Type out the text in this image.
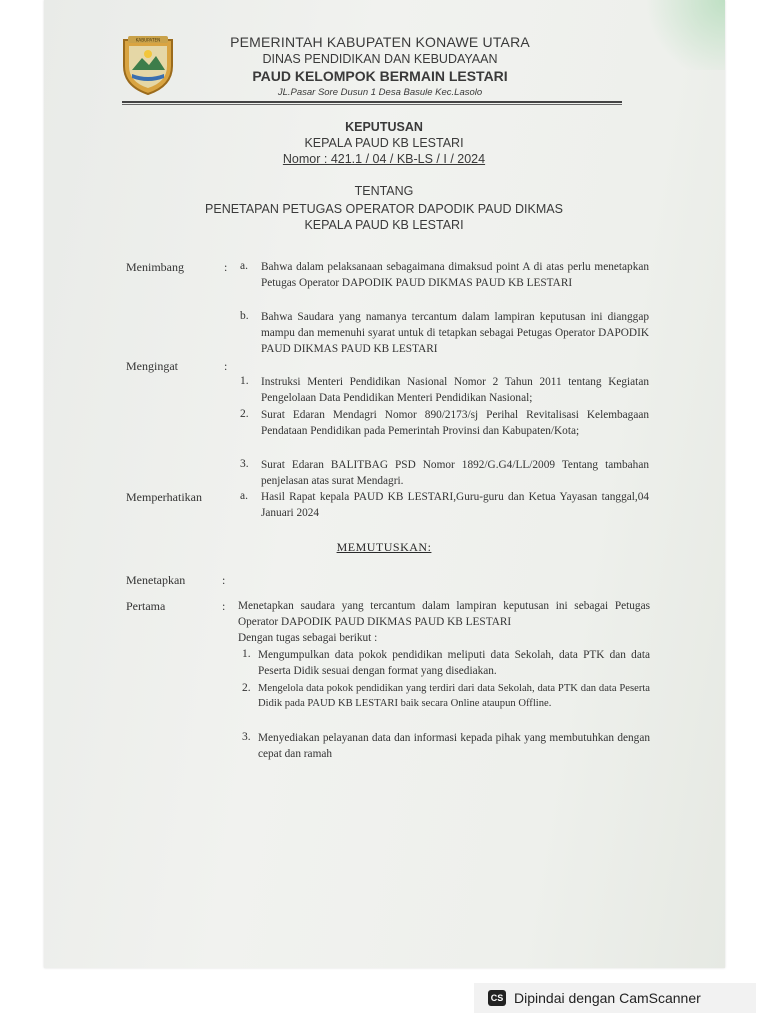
KABUPATEN	PEMERINTAH KABUPATEN KONAWE UTARA
DINAS PENDIDIKAN DAN KEBUDAYAAN
PAUD KELOMPOK BERMAIN LESTARI
JL.Pasar Sore Dusun 1 Desa Basule Kec.Lasolo
KEPUTUSAN
KEPALA PAUD KB LESTARI
Nomor : 421.1 / 04 / KB-LS / I / 2024
TENTANG
PENETAPAN PETUGAS OPERATOR DAPODIK PAUD DIKMAS
KEPALA PAUD KB LESTARI
Menimbang	: a. Bahwa dalam pelaksanaan sebagaimana dimaksud point A di atas perlu menetapkan Petugas Operator DAPODIK PAUD DIKMAS PAUD KB LESTARI

b. Bahwa Saudara yang namanya tercantum dalam lampiran keputusan ini dianggap mampu dan memenuhi syarat untuk di tetapkan sebagai Petugas Operator DAPODIK PAUD DIKMAS PAUD KB LESTARI

Mengingat	:
1. Instruksi Menteri Pendidikan Nasional Nomor 2 Tahun 2011 tentang Kegiatan Pengelolaan Data Pendidikan Menteri Pendidikan Nasional;

2. Surat Edaran Mendagri Nomor 890/2173/sj Perihal Revitalisasi Kelembagaan Pendataan Pendidikan pada Pemerintah Provinsi dan Kabupaten/Kota;

3. Surat Edaran BALITBAG PSD Nomor 1892/G.G4/LL/2009 Tentang tambahan penjelasan atas surat Mendagri.

Memperhatikan	a. Hasil Rapat kepala PAUD KB LESTARI,Guru-guru dan Ketua Yayasan tanggal,04 Januari 2024

MEMUTUSKAN:
Menetapkan	:
Pertama	: Menetapkan saudara yang tercantum dalam lampiran keputusan ini sebagai Petugas Operator DAPODIK PAUD DIKMAS PAUD KB LESTARI

Dengan tugas sebagai berikut :

1. Mengumpulkan data pokok pendidikan meliputi data Sekolah, data PTK dan data Peserta Didik sesuai dengan format yang disediakan.

2. Mengelola data pokok pendidikan yang terdiri dari data Sekolah, data PTK dan data Peserta Didik pada PAUD KB LESTARI baik secara Online ataupun Offline.

3. Menyediakan pelayanan data dan informasi kepada pihak yang membutuhkan dengan cepat dan ramah

CS Dipindai dengan CamScanner
